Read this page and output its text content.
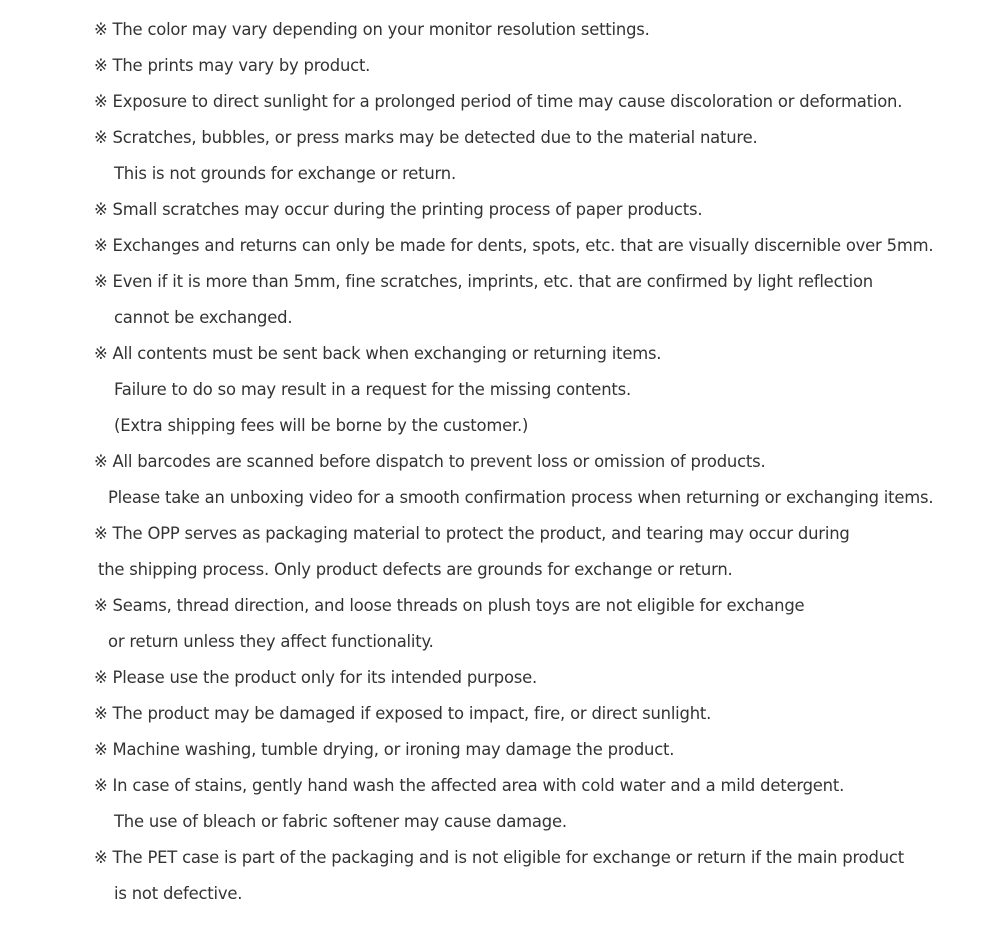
※ The color may vary depending on your monitor resolution settings.
※ The prints may vary by product.
※ Exposure to direct sunlight for a prolonged period of time may cause discoloration or deformation.
※ Scratches, bubbles, or press marks may be detected due to the material nature.
This is not grounds for exchange or return.
※ Small scratches may occur during the printing process of paper products.
※ Exchanges and returns can only be made for dents, spots, etc. that are visually discernible over 5mm.
※ Even if it is more than 5mm, fine scratches, imprints, etc. that are confirmed by light reflection
cannot be exchanged.
※ All contents must be sent back when exchanging or returning items.
Failure to do so may result in a request for the missing contents.
(Extra shipping fees will be borne by the customer.)
※ All barcodes are scanned before dispatch to prevent loss or omission of products.
Please take an unboxing video for a smooth confirmation process when returning or exchanging items.
※ The OPP serves as packaging material to protect the product, and tearing may occur during
the shipping process. Only product defects are grounds for exchange or return.
※ Seams, thread direction, and loose threads on plush toys are not eligible for exchange
or return unless they affect functionality.
※ Please use the product only for its intended purpose.
※ The product may be damaged if exposed to impact, fire, or direct sunlight.
※ Machine washing, tumble drying, or ironing may damage the product.
※ In case of stains, gently hand wash the affected area with cold water and a mild detergent.
The use of bleach or fabric softener may cause damage.
※ The PET case is part of the packaging and is not eligible for exchange or return if the main product
is not defective.
